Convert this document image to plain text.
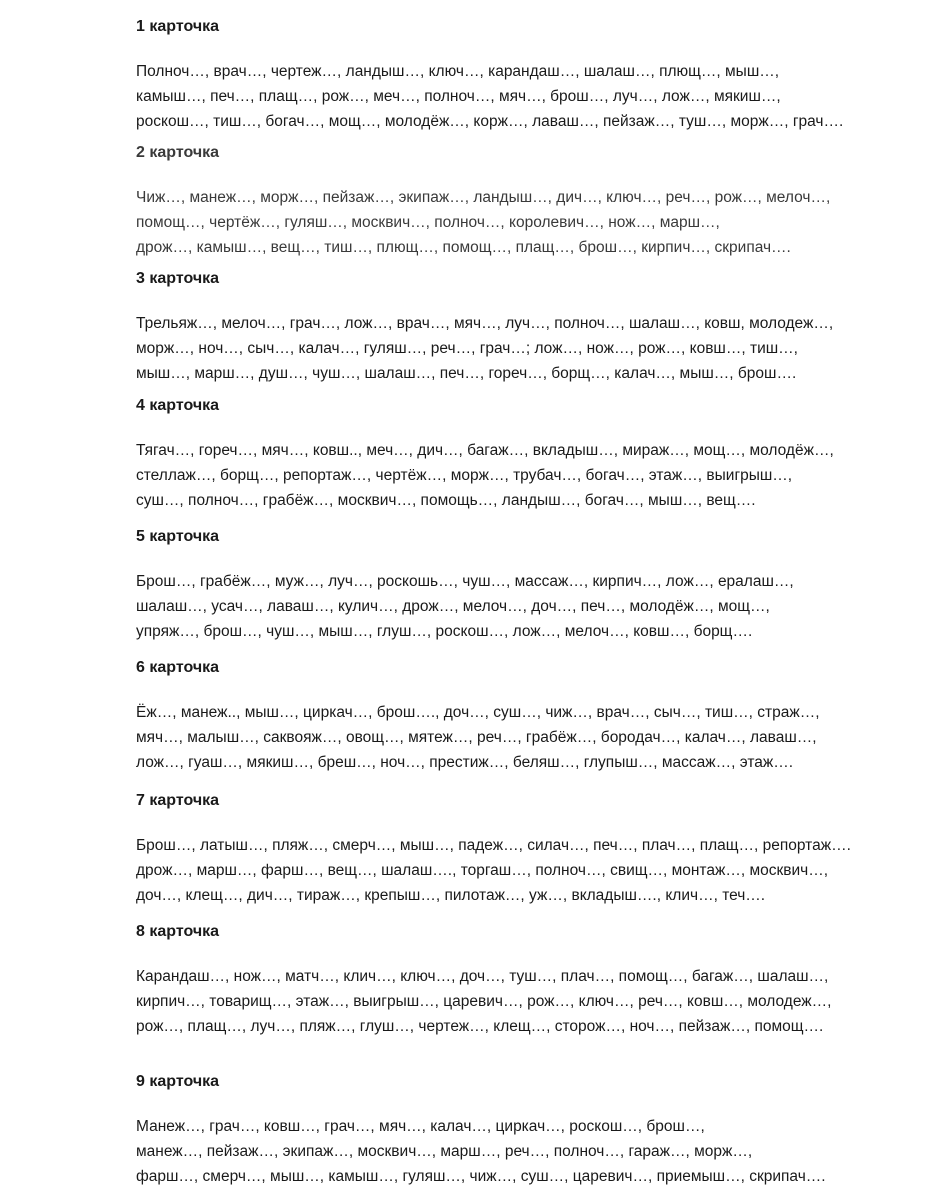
1 карточка
Полноч…, врач…, чертеж…, ландыш…, ключ…, карандаш…, шалаш…, плющ…, мыш…,
камыш…, печ…, плащ…, рож…, меч…, полноч…, мяч…, брош…, луч…, лож…, мякиш…,
роскош…, тиш…, богач…, мощ…, молодёж…, корж…, лаваш…, пейзаж…, туш…, морж…, грач….
2 карточка
Чиж…, манеж…, морж…, пейзаж…, экипаж…, ландыш…, дич…, ключ…, реч…, рож…, мелоч…,
помощ…, чертёж…, гуляш…, москвич…, полноч…, королевич…, нож…, марш…,
дрож…, камыш…, вещ…, тиш…, плющ…, помощ…, плащ…, брош…, кирпич…, скрипач….
3 карточка
Трельяж…, мелоч…, грач…, лож…, врач…, мяч…, луч…, полноч…, шалаш…, ковш, молодеж…,
морж…, ноч…, сыч…, калач…, гуляш…, реч…, грач…; лож…, нож…, рож…, ковш…, тиш…,
мыш…, марш…, душ…, чуш…, шалаш…, печ…, гореч…, борщ…, калач…, мыш…, брош….
4 карточка
Тягач…, гореч…, мяч…, ковш.., меч…, дич…, багаж…, вкладыш…, мираж…, мощ…, молодёж…,
стеллаж…, борщ…, репортаж…, чертёж…, морж…, трубач…, богач…, этаж…, выигрыш…,
суш…, полноч…, грабёж…, москвич…, помощь…, ландыш…, богач…, мыш…, вещ….
5 карточка
Брош…, грабёж…, муж…, луч…, роскошь…, чуш…, массаж…, кирпич…, лож…, ералаш…,
шалаш…, усач…, лаваш…, кулич…, дрож…, мелоч…, доч…, печ…, молодёж…, мощ…,
упряж…, брош…, чуш…, мыш…, глуш…, роскош…, лож…, мелоч…, ковш…, борщ….
6 карточка
Ёж…, манеж.., мыш…, циркач…, брош…., доч…, суш…, чиж…, врач…, сыч…, тиш…, страж…,
мяч…, малыш…, саквояж…, овощ…, мятеж…, реч…, грабёж…, бородач…, калач…, лаваш…,
лож…, гуаш…, мякиш…, бреш…, ноч…, престиж…, беляш…, глупыш…, массаж…, этаж….
7 карточка
Брош…, латыш…, пляж…, смерч…, мыш…, падеж…, силач…, печ…, плач…, плащ…, репортаж….
дрож…, марш…, фарш…, вещ…, шалаш…., торгаш…, полноч…, свищ…, монтаж…, москвич…,
доч…, клещ…, дич…, тираж…, крепыш…, пилотаж…, уж…, вкладыш…., клич…, теч….
8 карточка
Карандаш…, нож…, матч…, клич…, ключ…, доч…, туш…, плач…, помощ…, багаж…, шалаш…,
кирпич…, товарищ…, этаж…, выигрыш…, царевич…, рож…, ключ…, реч…, ковш…, молодеж…,
рож…, плащ…, луч…, пляж…, глуш…, чертеж…, клещ…, сторож…, ноч…, пейзаж…, помощ….
9 карточка
Манеж…, грач…, ковш…, грач…, мяч…, калач…, циркач…, роскош…, брош…,
манеж…, пейзаж…, экипаж…, москвич…, марш…, реч…, полноч…, гараж…, морж…,
фарш…, смерч…, мыш…, камыш…, гуляш…, чиж…, суш…, царевич…, приемыш…, скрипач….
